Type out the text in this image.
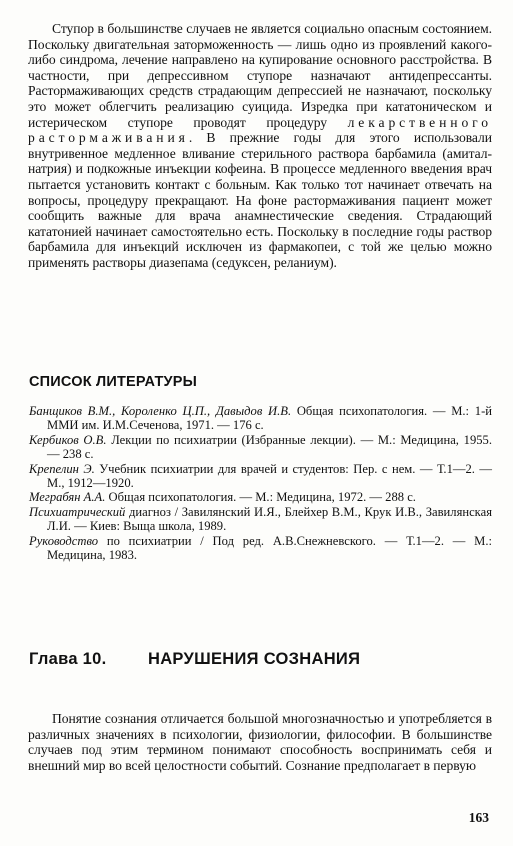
Ступор в большинстве случаев не является социально опасным состоянием. Поскольку двигательная заторможенность — лишь одно из проявлений какого-либо синдрома, лечение направлено на купирование основного расстройства. В частности, при депрессивном ступоре назначают антидепрессанты. Растормаживающих средств страдающим депрессией не назначают, поскольку это может облегчить реализацию суицида. Изредка при кататоническом и истерическом ступоре проводят процедуру лекарственного растормаживания. В прежние годы для этого использовали внутривенное медленное вливание стерильного раствора барбамила (амитал-натрия) и подкожные инъекции кофеина. В процессе медленного введения врач пытается установить контакт с больным. Как только тот начинает отвечать на вопросы, процедуру прекращают. На фоне растормаживания пациент может сообщить важные для врача анамнестические сведения. Страдающий кататонией начинает самостоятельно есть. Поскольку в последние годы раствор барбамила для инъекций исключен из фармакопеи, с той же целью можно применять растворы диазепама (седуксен, реланиум).

СПИСОК ЛИТЕРАТУРЫ

Банщиков В.М., Короленко Ц.П., Давыдов И.В. Общая психопатология. — М.: 1-й ММИ им. И.М.Сеченова, 1971. — 176 с.

Кербиков О.В. Лекции по психиатрии (Избранные лекции). — М.: Медицина, 1955. — 238 с.

Крепелин Э. Учебник психиатрии для врачей и студентов: Пер. с нем. — Т.1—2. — М., 1912—1920.

Меграбян А.А. Общая психопатология. — М.: Медицина, 1972. — 288 с.

Психиатрический диагноз / Завилянский И.Я., Блейхер В.М., Крук И.В., Завилянская Л.И. — Киев: Выща школа, 1989.

Руководство по психиатрии / Под ред. А.В.Снежневского. — Т.1—2. — М.: Медицина, 1983.

Глава 10.	НАРУШЕНИЯ СОЗНАНИЯ

Понятие сознания отличается большой многозначностью и употребляется в различных значениях в психологии, физиологии, философии. В большинстве случаев под этим термином понимают способность воспринимать себя и внешний мир во всей целостности событий. Сознание предполагает в первую

163
